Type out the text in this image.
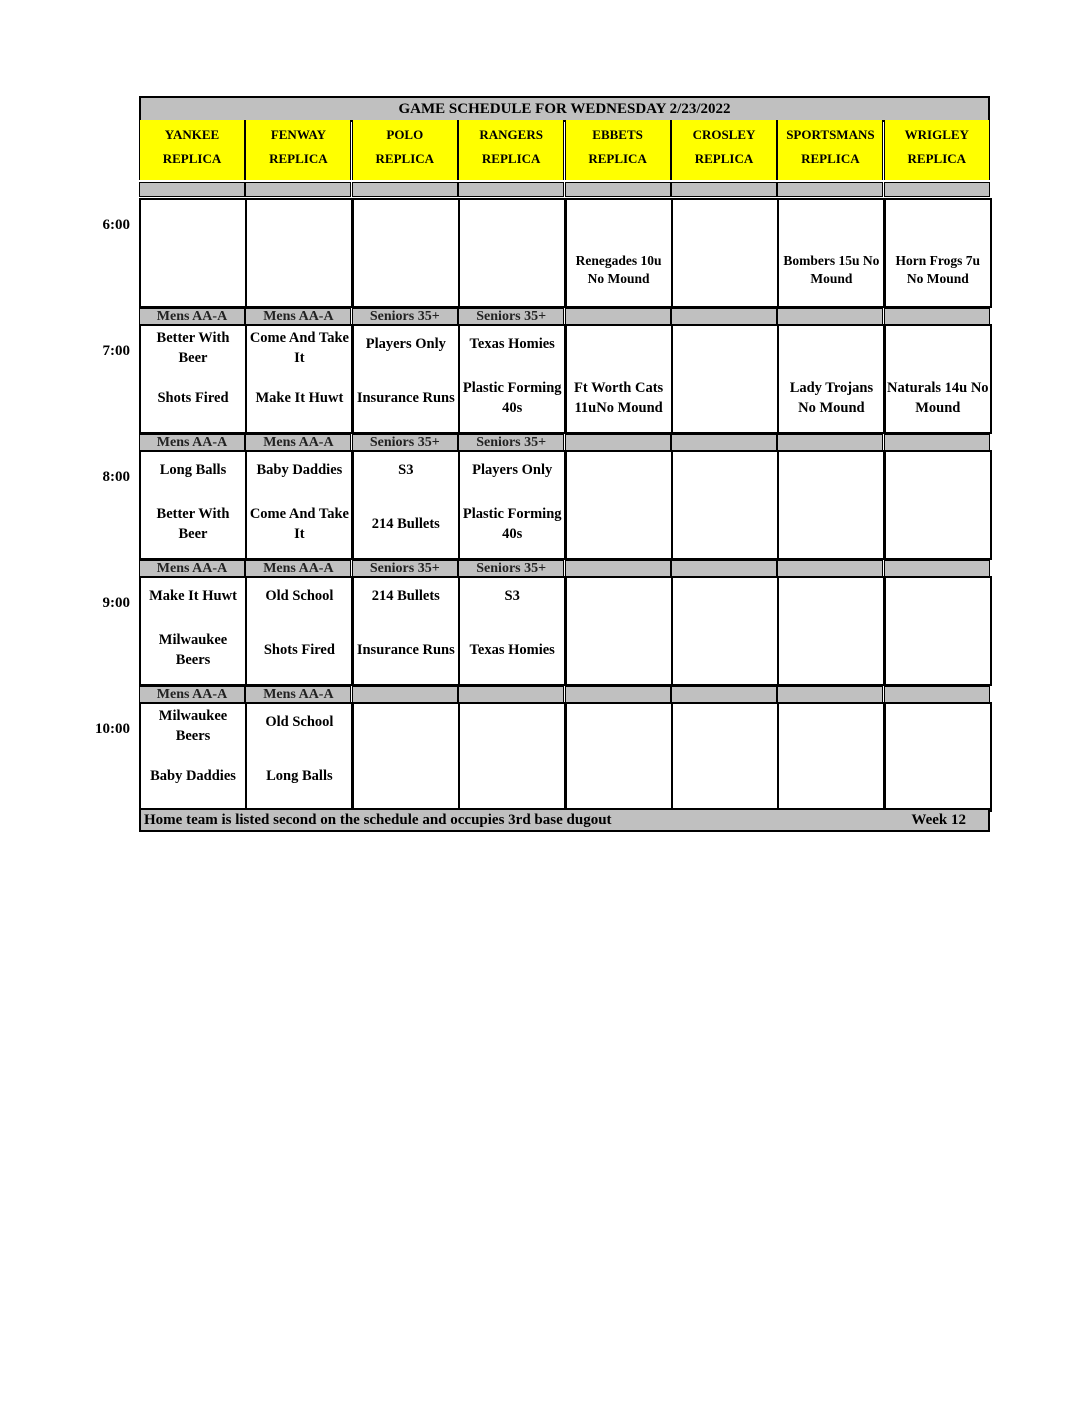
GAME SCHEDULE FOR WEDNESDAY 2/23/2022
YANKEE
REPLICA
Mens AA-A
Better With Beer
Shots Fired
Mens AA-A
Long Balls
Better With Beer
Mens AA-A
Make It Huwt
Milwaukee Beers
Mens AA-A
Milwaukee Beers
Baby Daddies
FENWAY
REPLICA
Mens AA-A
Come And Take It
Make It Huwt
Mens AA-A
Baby Daddies
Come And Take It
Mens AA-A
Old School
Shots Fired
Mens AA-A
Old School
Long Balls
POLO
REPLICA
Seniors 35+
Players Only
Insurance Runs
Seniors 35+
S3
214 Bullets
Seniors 35+
214 Bullets
Insurance Runs
RANGERS
REPLICA
Seniors 35+
Texas Homies
Plastic Forming 40s
Seniors 35+
Players Only
Plastic Forming 40s
Seniors 35+
S3
Texas Homies
EBBETS
REPLICA
Renegades 10u No Mound
Ft Worth Cats 11uNo Mound
CROSLEY
REPLICA
SPORTSMANS
REPLICA
Bombers 15u No Mound
Lady Trojans No Mound
WRIGLEY
REPLICA
Horn Frogs 7u No Mound
Naturals 14u No Mound
Home team is listed second on the schedule and occupies 3rd base dugout	Week 12
6:00
7:00
8:00
9:00
10:00
